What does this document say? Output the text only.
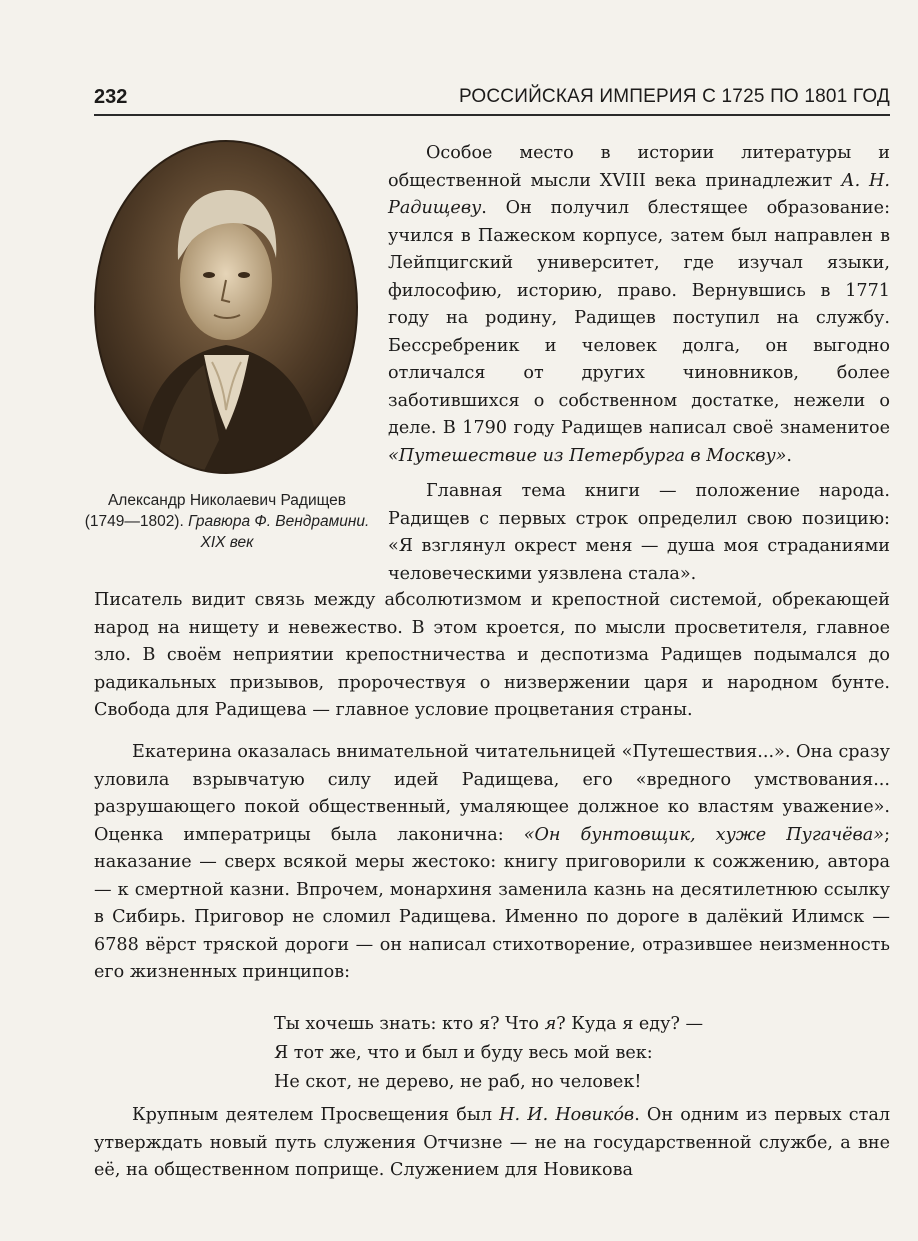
232	РОССИЙСКАЯ ИМПЕРИЯ С 1725 ПО 1801 ГОД
Александр Николаевич Радищев
(1749—1802). Гравюра Ф. Вендрамини. XIX век

Особое место в истории литературы и общественной мысли XVIII века принадлежит А. Н. Радищеву. Он получил блестящее образование: учился в Пажеском корпусе, затем был направлен в Лейпцигский университет, где изучал языки, философию, историю, право. Вернувшись в 1771 году на родину, Радищев поступил на службу. Бессребреник и человек долга, он выгодно отличался от других чиновников, более заботившихся о собственном достатке, нежели о деле. В 1790 году Радищев написал своё знаменитое «Путешествие из Петербурга в Москву».

Главная тема книги — положение народа. Радищев с первых строк определил свою позицию: «Я взглянул окрест меня — душа моя страданиями человеческими уязвлена стала».

Писатель видит связь между абсолютизмом и крепостной системой, обрекающей народ на нищету и невежество. В этом кроется, по мысли просветителя, главное зло. В своём неприятии крепостничества и деспотизма Радищев подымался до радикальных призывов, пророчествуя о низвержении царя и народном бунте. Свобода для Радищева — главное условие процветания страны.

Екатерина оказалась внимательной читательницей «Путешествия...». Она сразу уловила взрывчатую силу идей Радищева, его «вредного умствования... разрушающего покой общественный, умаляющее должное ко властям уважение». Оценка императрицы была лаконична: «Он бунтовщик, хуже Пугачёва»; наказание — сверх всякой меры жестоко: книгу приговорили к сожжению, автора — к смертной казни. Впрочем, монархиня заменила казнь на десятилетнюю ссылку в Сибирь. Приговор не сломил Радищева. Именно по дороге в далёкий Илимск — 6788 вёрст тряской дороги — он написал стихотворение, отразившее неизменность его жизненных принципов:

Ты хочешь знать: кто я? Что я? Куда я еду? —
Я тот же, что и был и буду весь мой век:
Не скот, не дерево, не раб, но человек!

Крупным деятелем Просвещения был Н. И. Новико́в. Он одним из первых стал утверждать новый путь служения Отчизне — не на государственной службе, а вне её, на общественном поприще. Служением для Новикова
